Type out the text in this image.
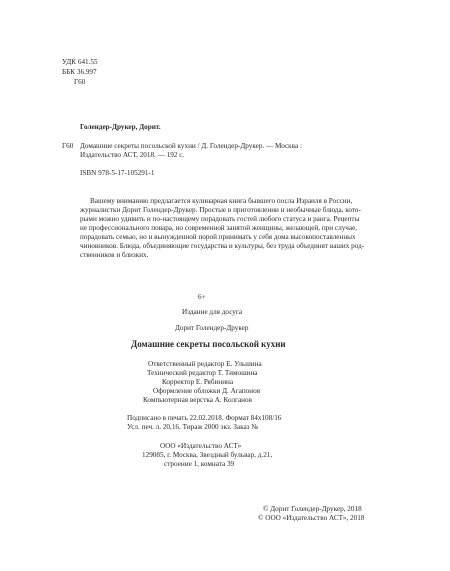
УДК 641.55
ББК 36.997
Г60
Голендер-Друкер, Дорит.
Г60 Домашние секреты посольской кухни / Д. Голендер-Друкер. — Москва :
Издательство АСТ, 2018. — 192 с.
ISBN 978-5-17-105291-1
Вашему вниманию предлагается кулинарная книга бывшего посла Израиля в России,
журналистки Дорит Голендер-Друкер. Простые в приготовлении и необычные блюда, кото-
рыми можно удивить и по-настоящему порадовать гостей любого статуса и ранга. Рецепты
не профессионального повара, но современной занятой женщины, желающей, при случае,
порадовать семью, но и вынужденной порой принимать у себя дома высокопоставленных
чиновников. Блюда, объединяющие государства и культуры, без труда объединят ваших род-
ственников и близких.
6+
Издание для досуга
Дорит Голендер-Друкер
Домашние секреты посольской кухни
Ответственный редактор Е. Ульшина
Технический редактор Т. Тимошина
Корректор Е. Рябинина
Оформление обложки Д. Агапонов
Компьютерная верстка А. Колганов
Подписано в печать 22.02.2018. Формат 84х108/16
Усл. печ. л. 20,16. Тираж 2000 экз. Заказ №
ООО «Издательство АСТ»
129085, г. Москва, Звездный бульвар, д.21,
строение 1, комната 39
© Дорит Голендер-Друкер, 2018
© ООО «Издательство АСТ», 2018
